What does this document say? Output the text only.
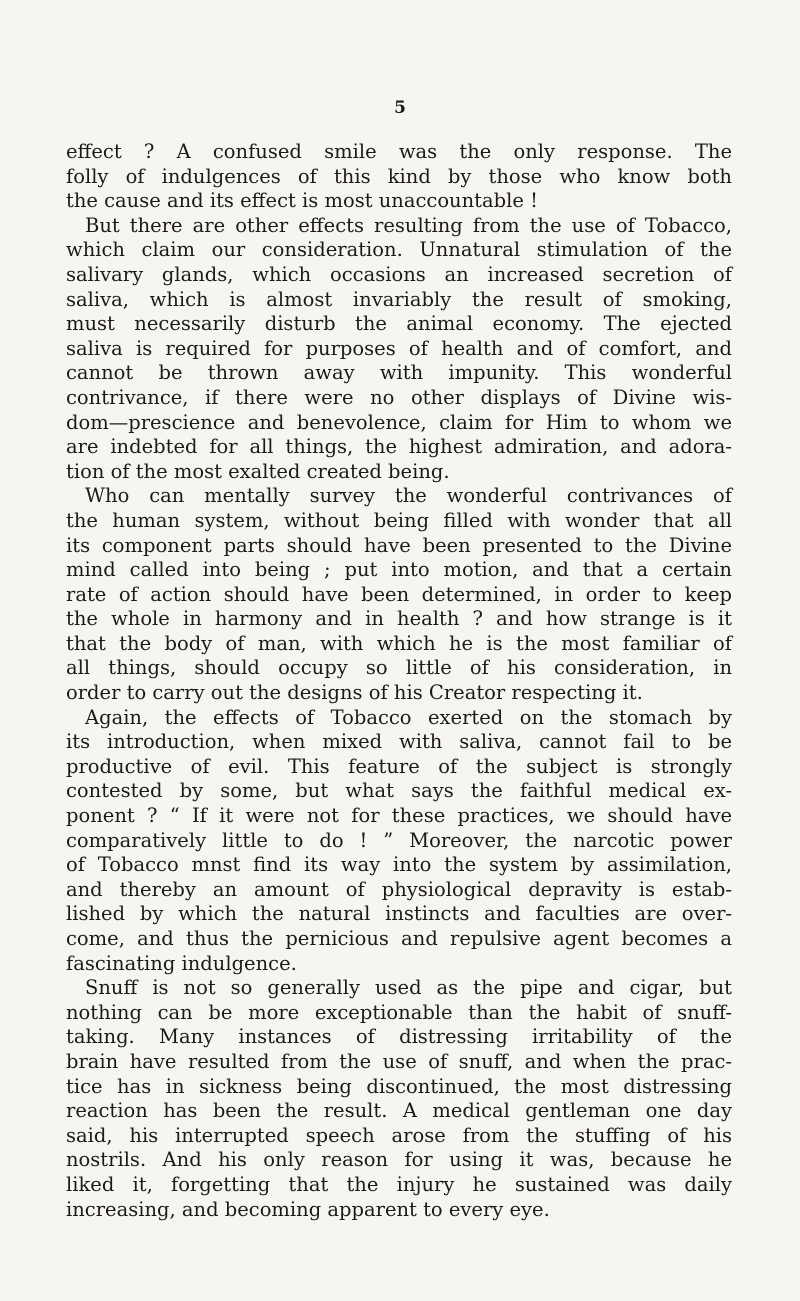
5
effect ? A confused smile was the only response. The
folly of indulgences of this kind by those who know both
the cause and its effect is most unaccountable !
But there are other effects resulting from the use of Tobacco,
which claim our consideration. Unnatural stimulation of the
salivary glands, which occasions an increased secretion of
saliva, which is almost invariably the result of smoking,
must necessarily disturb the animal economy. The ejected
saliva is required for purposes of health and of comfort, and
cannot be thrown away with impunity. This wonderful
contrivance, if there were no other displays of Divine wis-
dom—prescience and benevolence, claim for Him to whom we
are indebted for all things, the highest admiration, and adora-
tion of the most exalted created being.
Who can mentally survey the wonderful contrivances of
the human system, without being filled with wonder that all
its component parts should have been presented to the Divine
mind called into being ; put into motion, and that a certain
rate of action should have been determined, in order to keep
the whole in harmony and in health ? and how strange is it
that the body of man, with which he is the most familiar of
all things, should occupy so little of his consideration, in
order to carry out the designs of his Creator respecting it.
Again, the effects of Tobacco exerted on the stomach by
its introduction, when mixed with saliva, cannot fail to be
productive of evil. This feature of the subject is strongly
contested by some, but what says the faithful medical ex-
ponent ? “ If it were not for these practices, we should have
comparatively little to do ! ” Moreover, the narcotic power
of Tobacco mnst find its way into the system by assimilation,
and thereby an amount of physiological depravity is estab-
lished by which the natural instincts and faculties are over-
come, and thus the pernicious and repulsive agent becomes a
fascinating indulgence.
Snuff is not so generally used as the pipe and cigar, but
nothing can be more exceptionable than the habit of snuff-
taking. Many instances of distressing irritability of the
brain have resulted from the use of snuff, and when the prac-
tice has in sickness being discontinued, the most distressing
reaction has been the result. A medical gentleman one day
said, his interrupted speech arose from the stuffing of his
nostrils. And his only reason for using it was, because he
liked it, forgetting that the injury he sustained was daily
increasing, and becoming apparent to every eye.
